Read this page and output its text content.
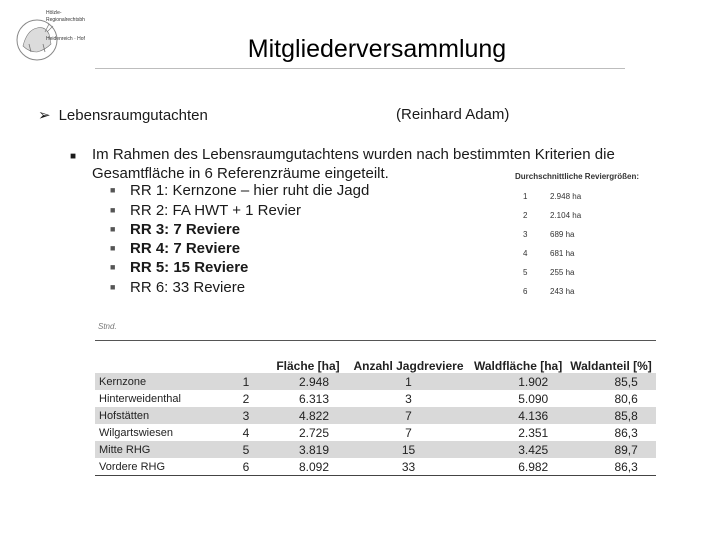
Hölzle-
Regionalrechtsbh
Heidenreich · Hof	Mitgliederversammlung
➢ Lebensraumgutachten	(Reinhard Adam)
■ Im Rahmen des Lebensraumgutachtens wurden nach bestimmten Kriterien die Gesamtfläche in 6 Referenzräume eingeteilt.
■ RR 1: Kernzone – hier ruht die Jagd
■ RR 2: FA HWT + 1 Revier
■ RR 3: 7 Reviere
■ RR 4: 7 Reviere
■ RR 5: 15 Reviere
■ RR 6: 33 Reviere
Durchschnittliche Reviergrößen:
1	2.948 ha
2	2.104 ha
3	689 ha
4	681 ha
5	255 ha
6	243 ha
Stnd.
		Fläche [ha]	Anzahl Jagdreviere	Waldfläche [ha]	Waldanteil [%]
Kernzone	1	2.948	1	1.902	85,5
Hinterweidenthal	2	6.313	3	5.090	80,6
Hofstätten	3	4.822	7	4.136	85,8
Wilgartswiesen	4	2.725	7	2.351	86,3
Mitte RHG	5	3.819	15	3.425	89,7
Vordere RHG	6	8.092	33	6.982	86,3
